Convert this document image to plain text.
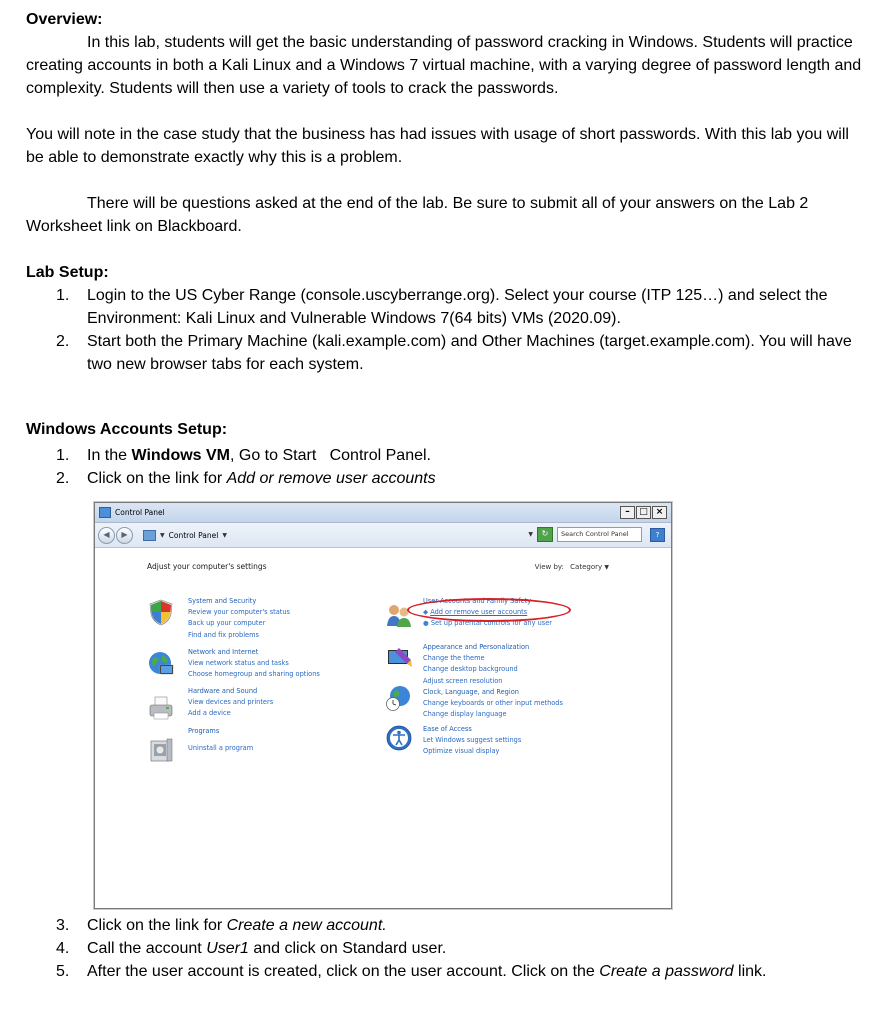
Overview:

In this lab, students will get the basic understanding of password cracking in Windows. Students will practice creating accounts in both a Kali Linux and a Windows 7 virtual machine, with a varying degree of password length and complexity. Students will then use a variety of tools to crack the passwords.

You will note in the case study that the business has had issues with usage of short passwords. With this lab you will be able to demonstrate exactly why this is a problem.

There will be questions asked at the end of the lab. Be sure to submit all of your answers on the Lab 2 Worksheet link on Blackboard.

Lab Setup:

1. Login to the US Cyber Range (console.uscyberrange.org). Select your course (ITP 125…) and select the Environment: Kali Linux and Vulnerable Windows 7(64 bits) VMs (2020.09).
2. Start both the Primary Machine (kali.example.com) and Other Machines (target.example.com). You will have two new browser tabs for each system.

Windows Accounts Setup:

1. In the Windows VM, Go to Start   Control Panel.
2. Click on the link for Add or remove user accounts
Control Panel	–	□ ×
◀	▶	▼ Control Panel ▼	▼	↻	Search Control Panel	?
Adjust your computer's settings	View by: Category ▼
System and Security
Review your computer's status
Back up your computer
Find and fix problems
Network and Internet
View network status and tasks
Choose homegroup and sharing options
Hardware and Sound
View devices and printers
Add a device
Programs
Uninstall a program
User Accounts and Family Safety
◆ Add or remove user accounts
● Set up parental controls for any user
Appearance and Personalization
Change the theme
Change desktop background
Adjust screen resolution
Clock, Language, and Region
Change keyboards or other input methods
Change display language
Ease of Access
Let Windows suggest settings
Optimize visual display
3. Click on the link for Create a new account.
4. Call the account User1 and click on Standard user.
5. After the user account is created, click on the user account. Click on the Create a password link.
